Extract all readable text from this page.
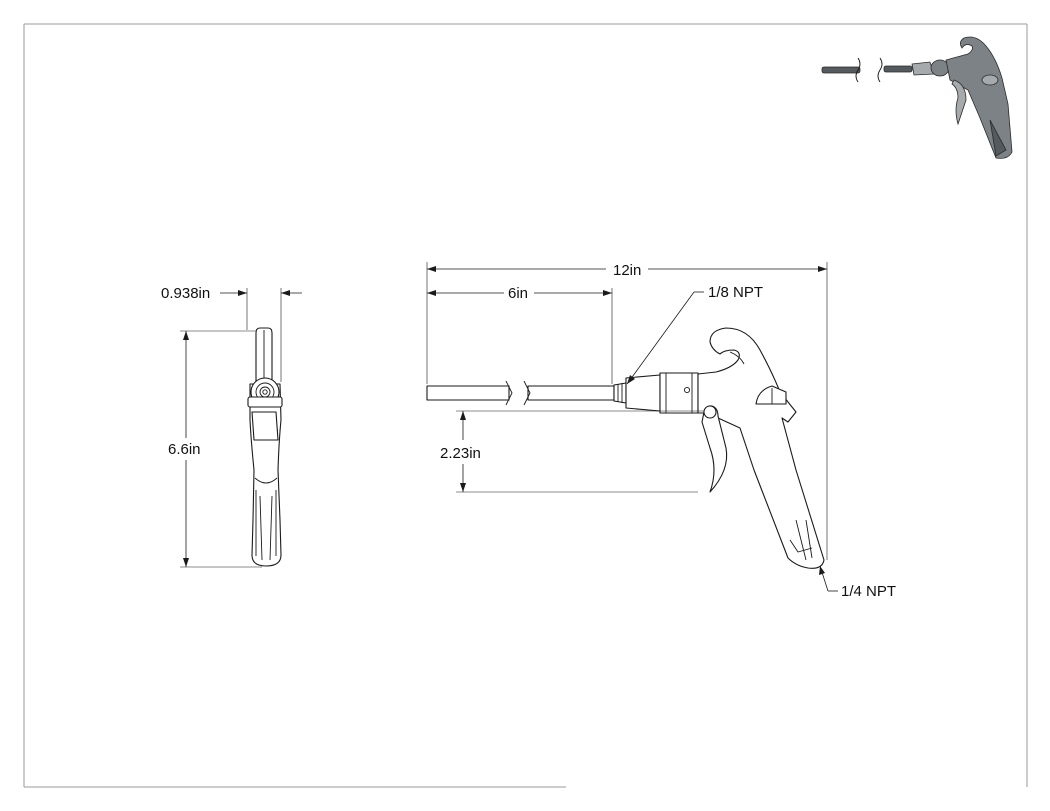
0.938in
6.6in
12in
6in
2.23in
1/8 NPT
1/4 NPT
